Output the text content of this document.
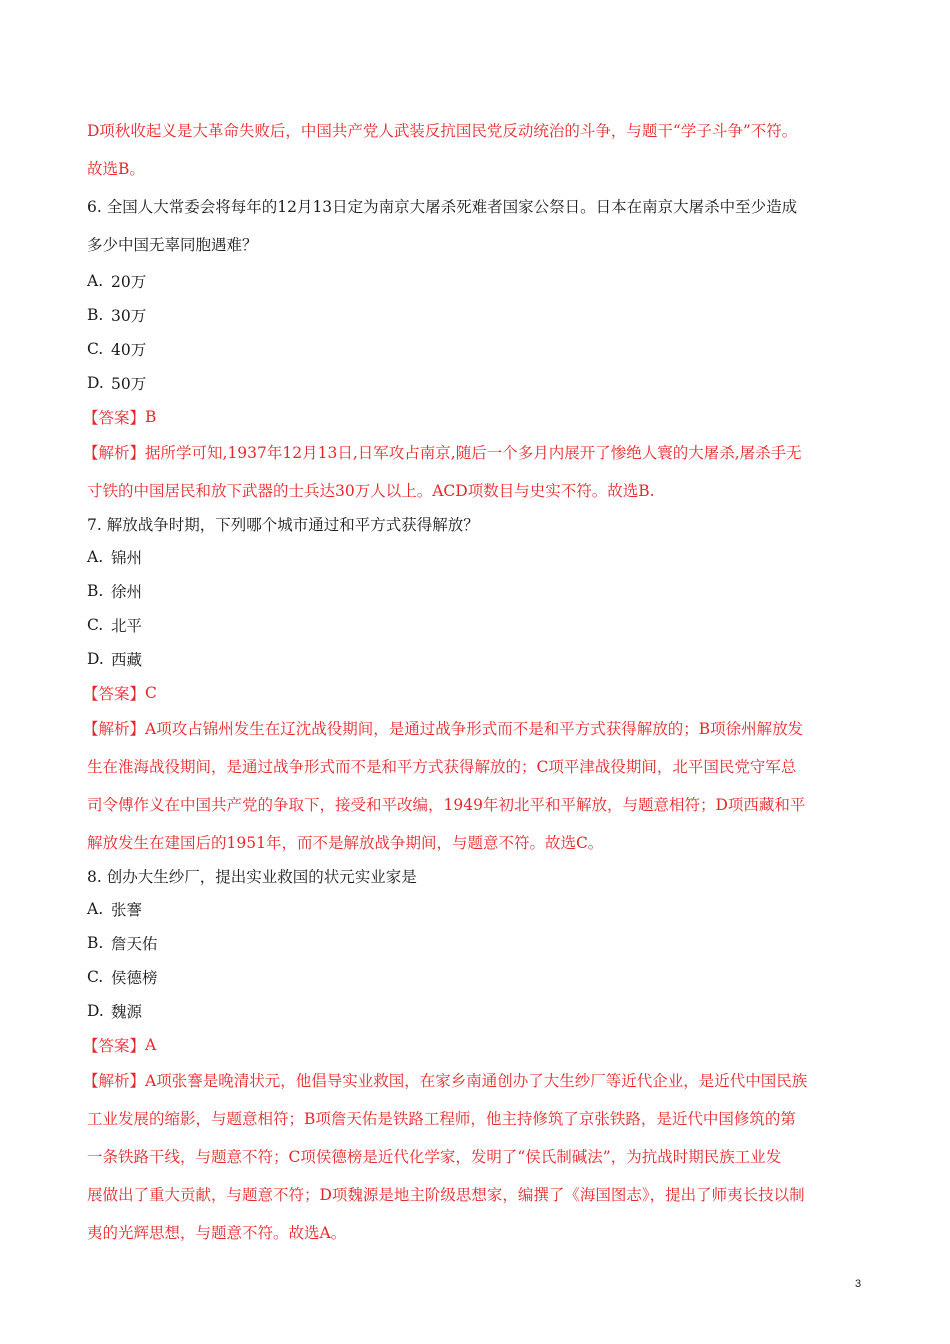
D项秋收起义是大革命失败后，中国共产党人武装反抗国民党反动统治的斗争，与题干“学子斗争”不符。

故选B。

6. 全国人大常委会将每年的12月13日定为南京大屠杀死难者国家公祭日。日本在南京大屠杀中至少造成

多少中国无辜同胞遇难？

A. 20万
B. 30万
C. 40万
D. 50万
【答案】 B

【解析】据所学可知,1937年12月13日,日军攻占南京,随后一个多月内展开了惨绝人寰的大屠杀,屠杀手无

寸铁的中国居民和放下武器的士兵达30万人以上。ACD项数目与史实不符。故选B.

7. 解放战争时期，下列哪个城市通过和平方式获得解放？

A. 锦州
B. 徐州
C. 北平
D. 西藏
【答案】 C

【解析】A项攻占锦州发生在辽沈战役期间，是通过战争形式而不是和平方式获得解放的；B项徐州解放发

生在淮海战役期间，是通过战争形式而不是和平方式获得解放的；C项平津战役期间，北平国民党守军总

司令傅作义在中国共产党的争取下，接受和平改编，1949年初北平和平解放，与题意相符；D项西藏和平

解放发生在建国后的1951年，而不是解放战争期间，与题意不符。故选C。

8. 创办大生纱厂，提出实业救国的状元实业家是

A. 张謇
B. 詹天佑
C. 侯德榜
D. 魏源
【答案】 A

【解析】A项张謇是晚清状元，他倡导实业救国，在家乡南通创办了大生纱厂等近代企业，是近代中国民族

工业发展的缩影，与题意相符；B项詹天佑是铁路工程师，他主持修筑了京张铁路，是近代中国修筑的第

一条铁路干线，与题意不符；C项侯德榜是近代化学家，发明了“侯氏制碱法”，为抗战时期民族工业发

展做出了重大贡献，与题意不符；D项魏源是地主阶级思想家，编撰了《海国图志》，提出了师夷长技以制

夷的光辉思想，与题意不符。故选A。

3
